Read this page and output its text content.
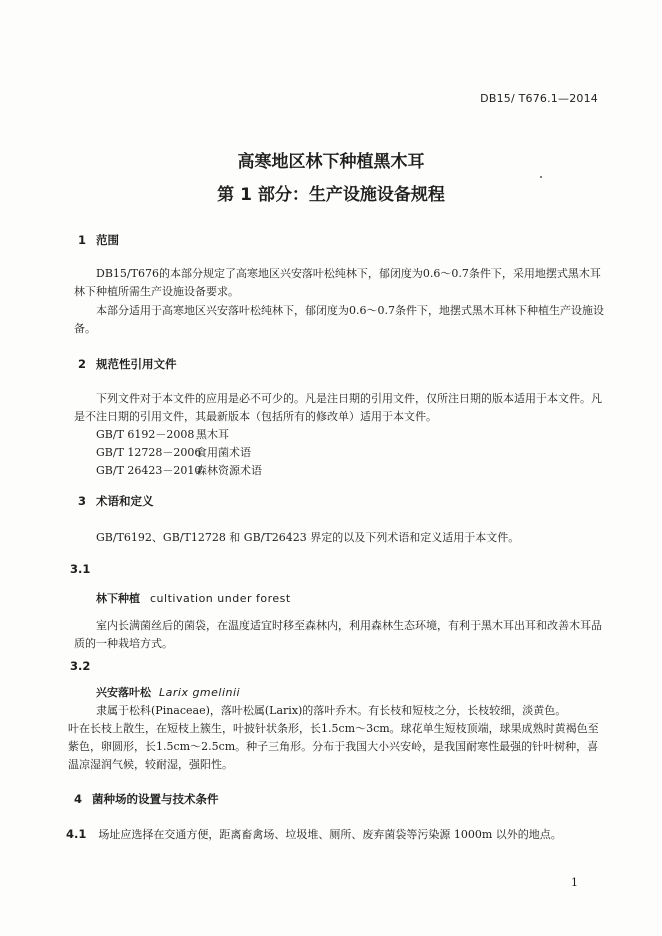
DB15/ T676.1—2014
高寒地区林下种植黑木耳
第 1 部分：生产设施设备规程
1 范围
DB15/T676的本部分规定了高寒地区兴安落叶松纯林下，郁闭度为0.6～0.7条件下，采用地摆式黑木耳林下种植所需生产设施设备要求。
本部分适用于高寒地区兴安落叶松纯林下，郁闭度为0.6～0.7条件下，地摆式黑木耳林下种植生产设施设备。
2 规范性引用文件
下列文件对于本文件的应用是必不可少的。凡是注日期的引用文件，仅所注日期的版本适用于本文件。凡是不注日期的引用文件，其最新版本（包括所有的修改单）适用于本文件。
GB/T 6192－2008 黑木耳
GB/T 12728－2006食用菌术语
GB/T 26423－2010森林资源术语
3 术语和定义
GB/T6192、GB/T12728 和 GB/T26423 界定的以及下列术语和定义适用于本文件。
3.1
林下种植 cultivation under forest
室内长满菌丝后的菌袋，在温度适宜时移至森林内，利用森林生态环境，有利于黑木耳出耳和改善木耳品质的一种栽培方式。
3.2
兴安落叶松 Larix gmelinii
隶属于松科(Pinaceae)，落叶松属(Larix)的落叶乔木。有长枝和短枝之分，长枝较细，淡黄色。
叶在长枝上散生，在短枝上簇生，叶披针状条形，长1.5cm～3cm。球花单生短枝顶端，球果成熟时黄褐色至紫色，卵圆形，长1.5cm～2.5cm。种子三角形。分布于我国大小兴安岭，是我国耐寒性最强的针叶树种，喜温凉湿润气候，较耐湿，强阳性。
4 菌种场的设置与技术条件
4.1 场址应选择在交通方便，距离畜禽场、垃圾堆、厕所、废弃菌袋等污染源 1000m 以外的地点。
1
